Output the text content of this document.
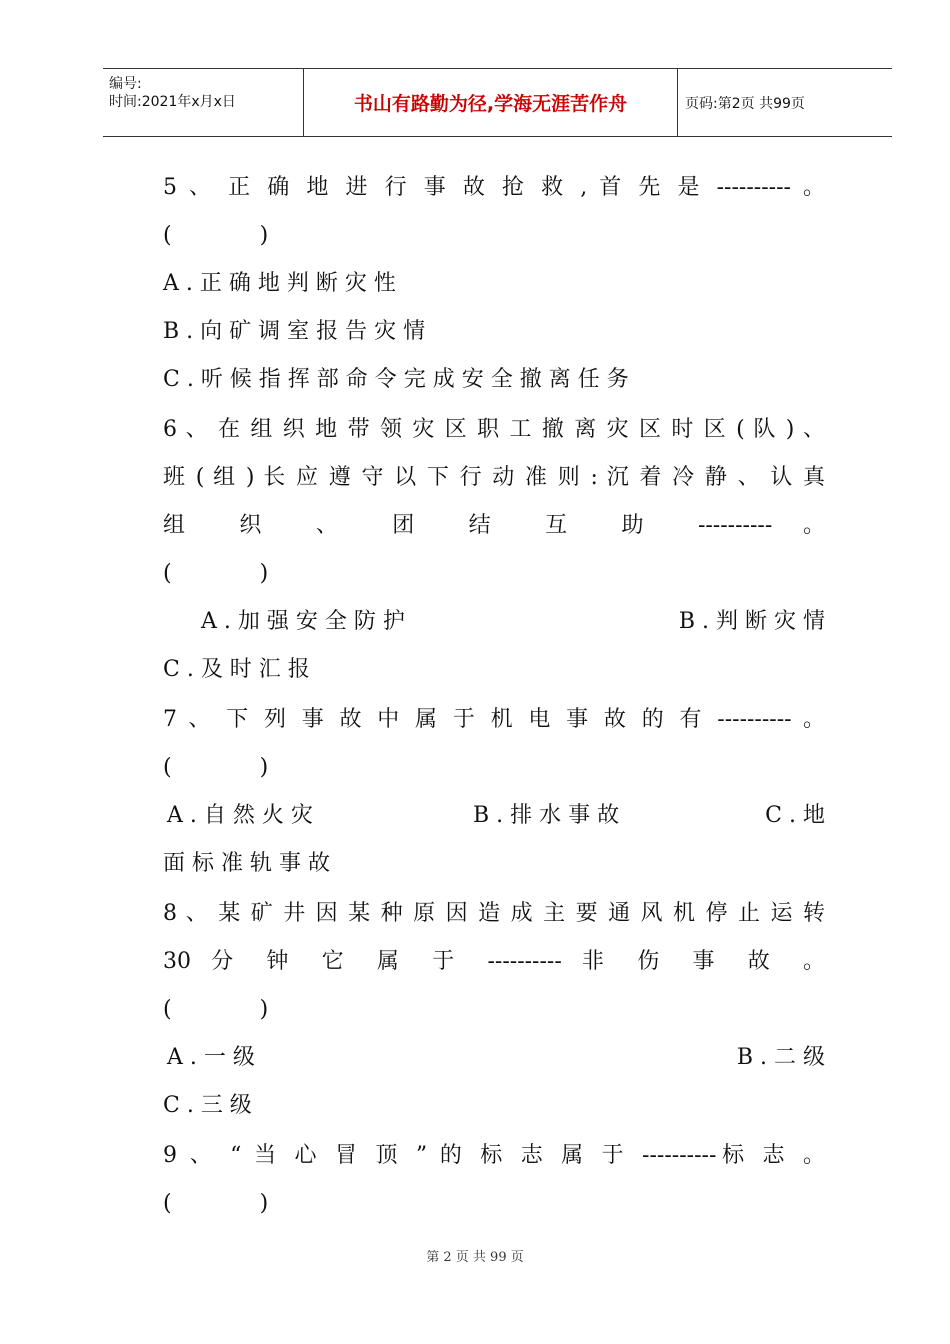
编号:
时间:2021年x月x日	书山有路勤为径,学海无涯苦作舟	页码:第2页 共99页
5 、 正 确 地 进 行 事 故 抢 救 , 首 先 是 ---------- 。
(　　　　)
A . 正 确 地 判 断 灾 性
B . 向 矿 调 室 报 告 灾 情
C . 听 候 指 挥 部 命 令 完 成 安 全 撤 离 任 务
6 、 在 组 织 地 带 领 灾 区 职 工 撤 离 灾 区 时 区 ( 队 ) 、
班 ( 组 ) 长 应 遵 守 以 下 行 动 准 则 : 沉 着 冷 静 、 认 真
组 织 、 团 结 互 助 ---------- 。
(　　　　)
A . 加 强 安 全 防 护	B . 判 断 灾 情
C . 及 时 汇 报
7 、 下 列 事 故 中 属 于 机 电 事 故 的 有 ---------- 。
(　　　　)
A . 自 然 火 灾	B . 排 水 事 故	C . 地
面 标 准 轨 事 故
8 、 某 矿 井 因 某 种 原 因 造 成 主 要 通 风 机 停 止 运 转
30 分 钟 它 属 于 ---------- 非 伤 事 故 。
(　　　　)
A . 一 级	B . 二 级
C . 三 级
9 、 “ 当 心 冒 顶 ” 的 标 志 属 于 ----------标 志 。
(　　　　)
第 2 页 共 99 页
